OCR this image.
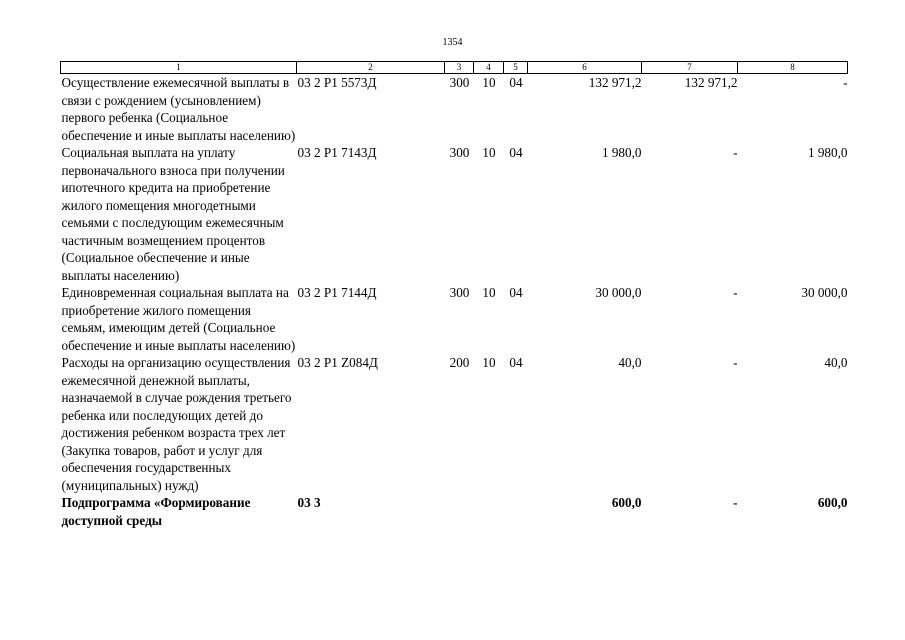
1354
1	2	3	4	5	6	7	8
Осуществление ежемесячной выплаты в связи с рождением (усыновлением) первого ребенка (Социальное обеспечение и иные выплаты населению)	03 2 P1 5573Д	300	10	04	132 971,2	132 971,2	-
Социальная выплата на уплату первоначального взноса при получении ипотечного кредита на приобретение жилого помещения многодетными семьями с последующим ежемесячным частичным возмещением процентов (Социальное обеспечение и иные выплаты населению)	03 2 P1 7143Д	300	10	04	1 980,0	-	1 980,0
Единовременная социальная выплата на приобретение жилого помещения семьям, имеющим детей (Социальное обеспечение и иные выплаты населению)	03 2 P1 7144Д	300	10	04	30 000,0	-	30 000,0
Расходы на организацию осуществления ежемесячной денежной выплаты, назначаемой в случае рождения третьего ребенка или последующих детей до достижения ребенком возраста трех лет (Закупка товаров, работ и услуг для обеспечения государственных (муниципальных) нужд)	03 2 P1 Z084Д	200	10	04	40,0	-	40,0
Подпрограмма «Формирование доступной среды	03 3				600,0	-	600,0
